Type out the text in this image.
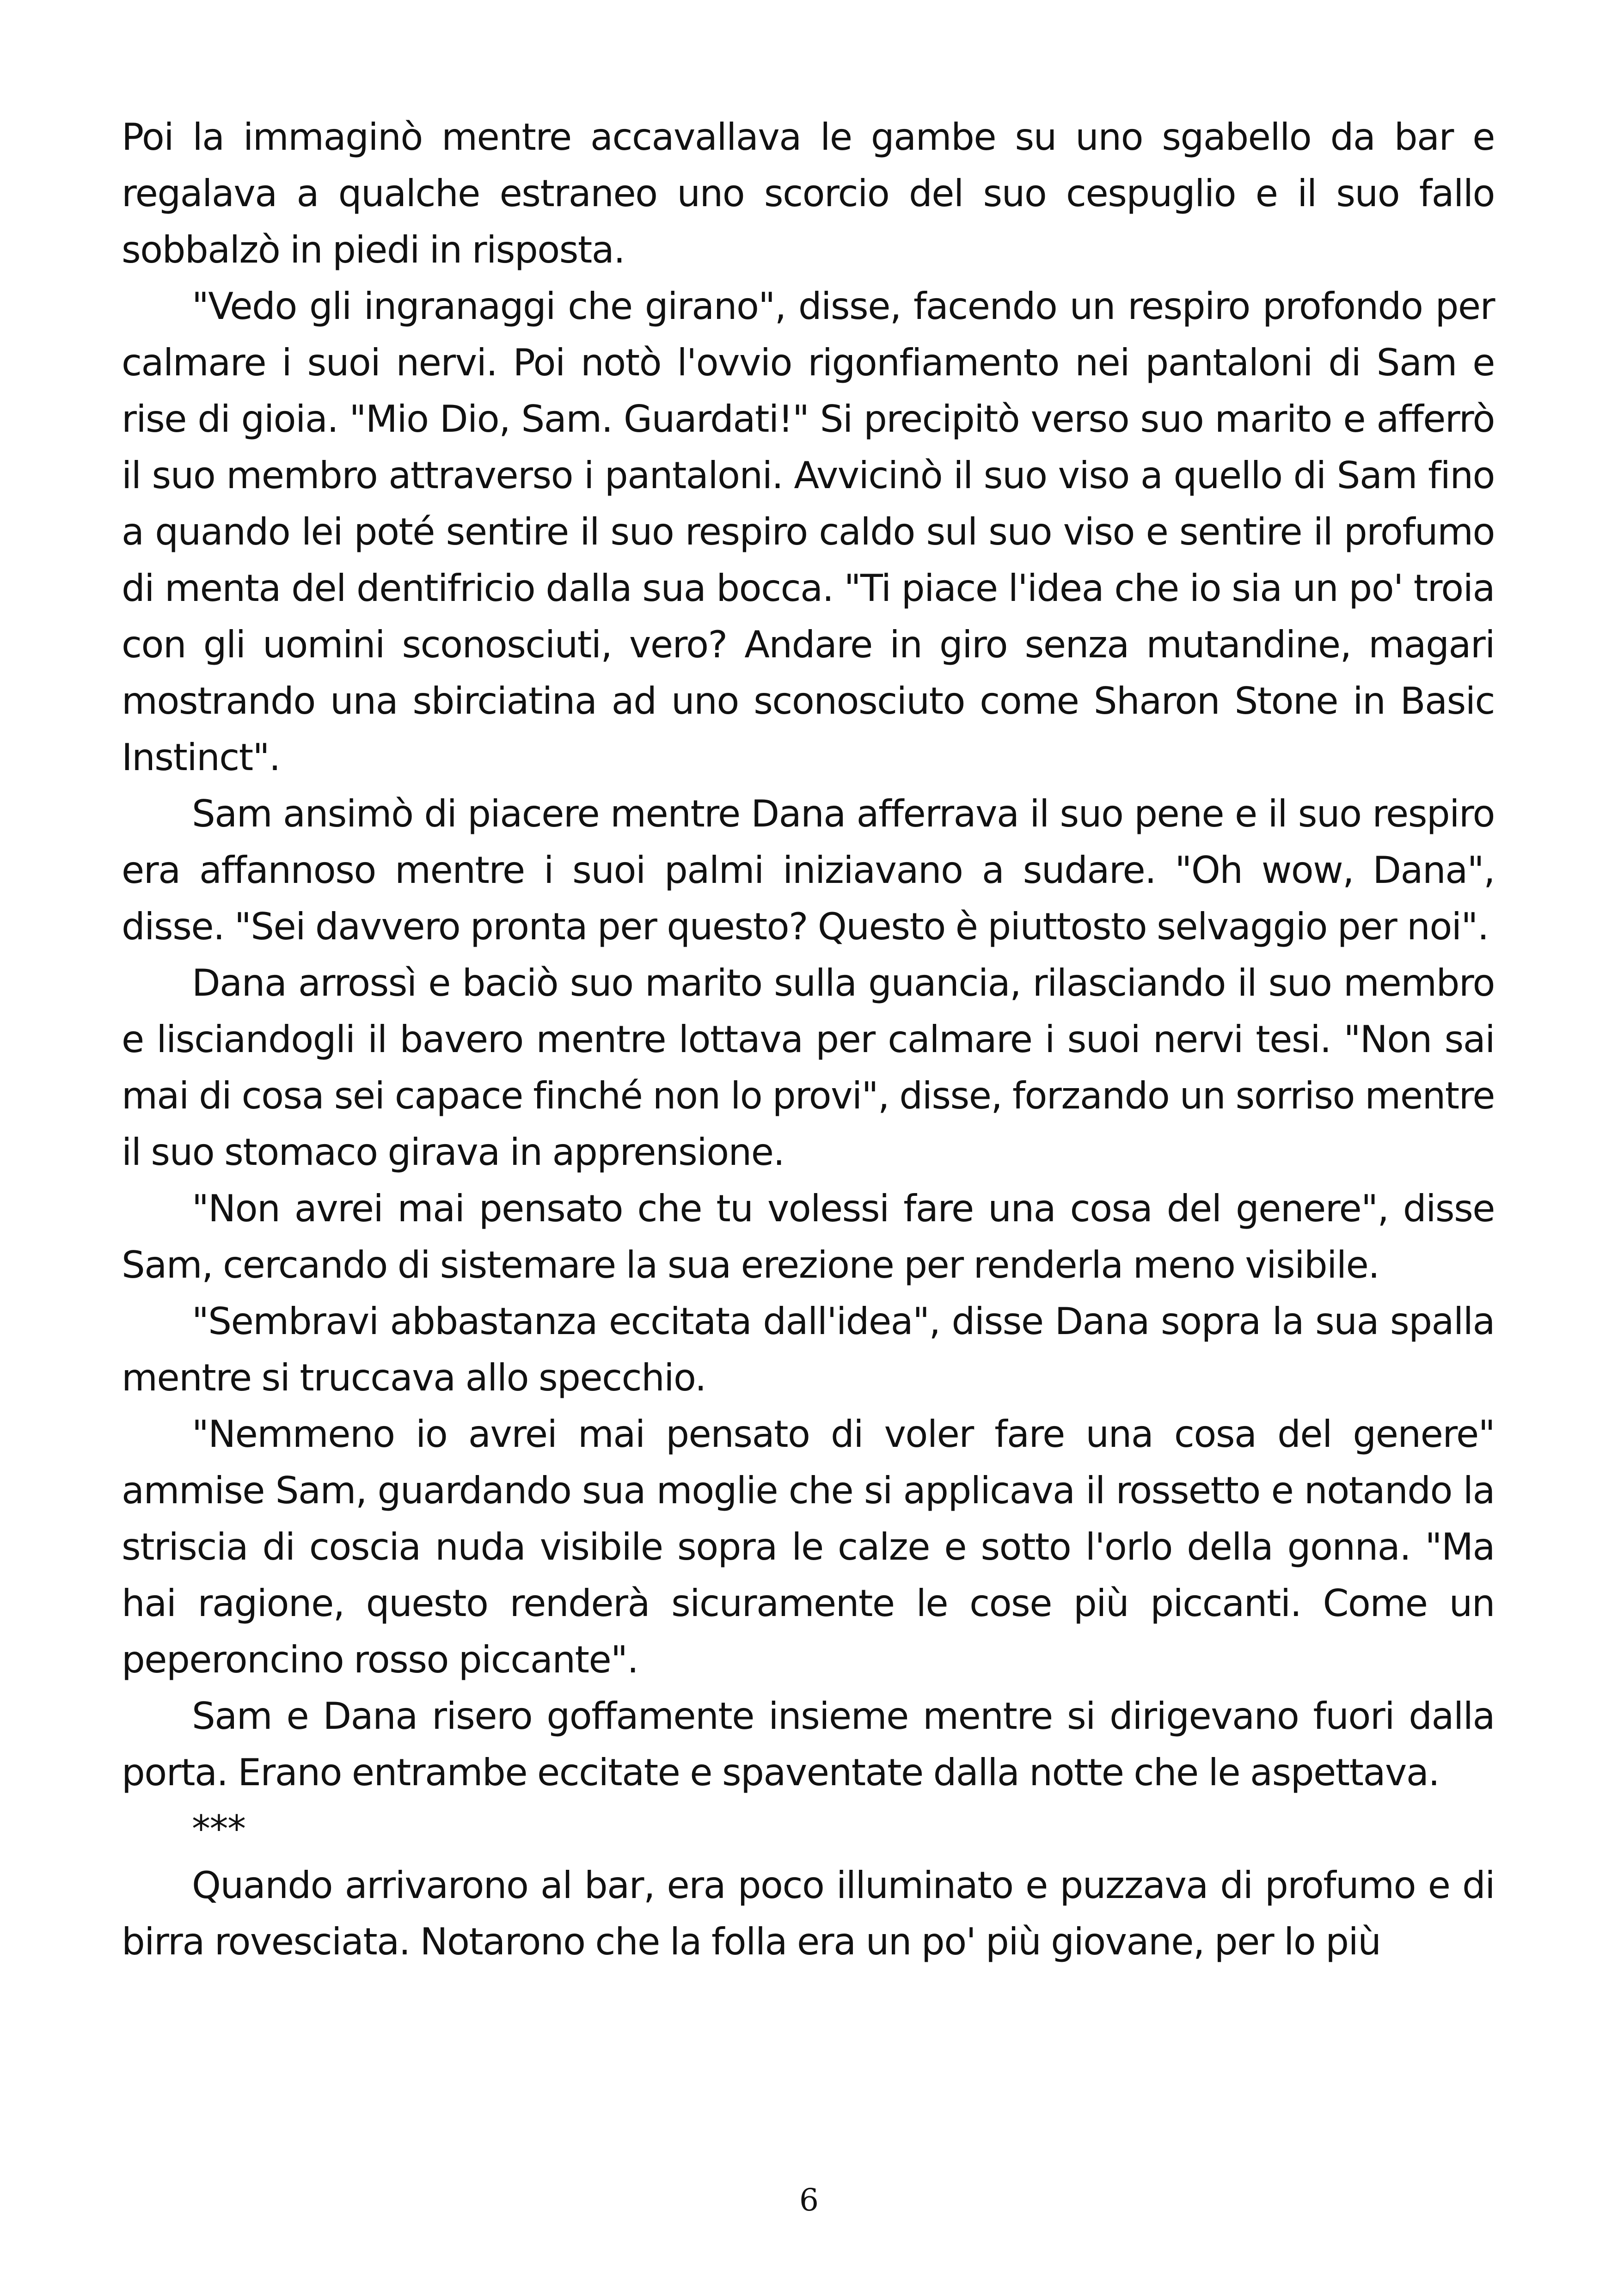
Poi la immaginò mentre accavallava le gambe su uno sgabello da bar e regalava a qualche estraneo uno scorcio del suo cespuglio e il suo fallo sobbalzò in piedi in risposta.

"Vedo gli ingranaggi che girano", disse, facendo un respiro profondo per calmare i suoi nervi. Poi notò l'ovvio rigonfiamento nei pantaloni di Sam e rise di gioia. "Mio Dio, Sam. Guardati!" Si precipitò verso suo marito e afferrò il suo membro attraverso i pantaloni. Avvicinò il suo viso a quello di Sam fino a quando lei poté sentire il suo respiro caldo sul suo viso e sentire il profumo di menta del dentifricio dalla sua bocca. "Ti piace l'idea che io sia un po' troia con gli uomini sconosciuti, vero? Andare in giro senza mutandine, magari mostrando una sbirciatina ad uno sconosciuto come Sharon Stone in Basic Instinct".

Sam ansimò di piacere mentre Dana afferrava il suo pene e il suo respiro era affannoso mentre i suoi palmi iniziavano a sudare. "Oh wow, Dana", disse. "Sei davvero pronta per questo? Questo è piuttosto selvaggio per noi".

Dana arrossì e baciò suo marito sulla guancia, rilasciando il suo membro e lisciandogli il bavero mentre lottava per calmare i suoi nervi tesi. "Non sai mai di cosa sei capace finché non lo provi", disse, forzando un sorriso mentre il suo stomaco girava in apprensione.

"Non avrei mai pensato che tu volessi fare una cosa del genere", disse Sam, cercando di sistemare la sua erezione per renderla meno visibile.

"Sembravi abbastanza eccitata dall'idea", disse Dana sopra la sua spalla mentre si truccava allo specchio.

"Nemmeno io avrei mai pensato di voler fare una cosa del genere" ammise Sam, guardando sua moglie che si applicava il rossetto e notando la striscia di coscia nuda visibile sopra le calze e sotto l'orlo della gonna. "Ma hai ragione, questo renderà sicuramente le cose più piccanti. Come un peperoncino rosso piccante".

Sam e Dana risero goffamente insieme mentre si dirigevano fuori dalla porta. Erano entrambe eccitate e spaventate dalla notte che le aspettava.

***

Quando arrivarono al bar, era poco illuminato e puzzava di profumo e di birra rovesciata. Notarono che la folla era un po' più giovane, per lo più

6
